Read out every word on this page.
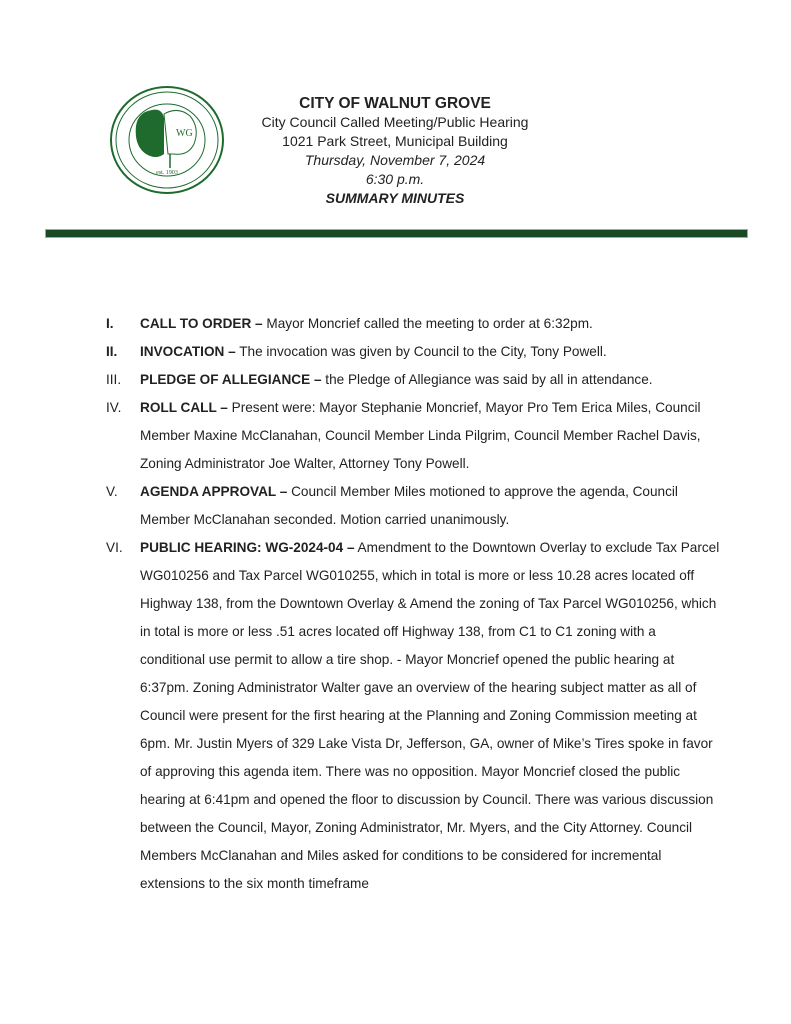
WG
est. 1903
CITY OF WALNUT GROVE
City Council Called Meeting/Public Hearing
1021 Park Street, Municipal Building
Thursday, November 7, 2024
6:30 p.m.
SUMMARY MINUTES
I.	CALL TO ORDER – Mayor Moncrief called the meeting to order at 6:32pm.
II.	INVOCATION – The invocation was given by Council to the City, Tony Powell.
III.	PLEDGE OF ALLEGIANCE – the Pledge of Allegiance was said by all in attendance.
IV.	ROLL CALL – Present were: Mayor Stephanie Moncrief, Mayor Pro Tem Erica Miles, Council Member Maxine McClanahan, Council Member Linda Pilgrim, Council Member Rachel Davis, Zoning Administrator Joe Walter, Attorney Tony Powell.
V.	AGENDA APPROVAL – Council Member Miles motioned to approve the agenda, Council Member McClanahan seconded. Motion carried unanimously.
VI.	PUBLIC HEARING: WG-2024-04 – Amendment to the Downtown Overlay to exclude Tax Parcel WG010256 and Tax Parcel WG010255, which in total is more or less 10.28 acres located off Highway 138, from the Downtown Overlay & Amend the zoning of Tax Parcel WG010256, which in total is more or less .51 acres located off Highway 138, from C1 to C1 zoning with a conditional use permit to allow a tire shop. - Mayor Moncrief opened the public hearing at 6:37pm. Zoning Administrator Walter gave an overview of the hearing subject matter as all of Council were present for the first hearing at the Planning and Zoning Commission meeting at 6pm. Mr. Justin Myers of 329 Lake Vista Dr, Jefferson, GA, owner of Mike’s Tires spoke in favor of approving this agenda item. There was no opposition. Mayor Moncrief closed the public hearing at 6:41pm and opened the floor to discussion by Council. There was various discussion between the Council, Mayor, Zoning Administrator, Mr. Myers, and the City Attorney. Council Members McClanahan and Miles asked for conditions to be considered for incremental extensions to the six month timeframe
